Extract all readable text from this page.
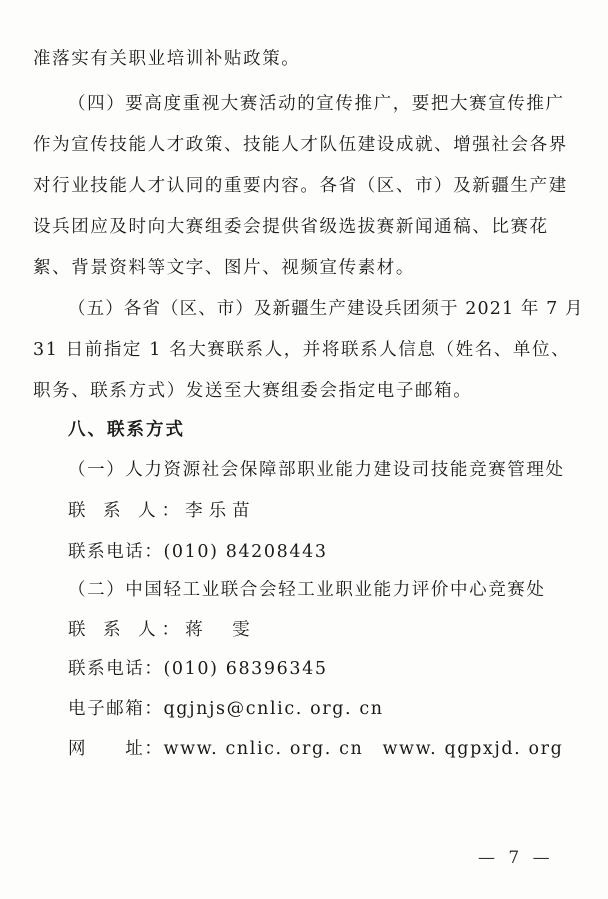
准落实有关职业培训补贴政策。
（四）要高度重视大赛活动的宣传推广，要把大赛宣传推广
作为宣传技能人才政策、技能人才队伍建设成就、增强社会各界
对行业技能人才认同的重要内容。各省（区、市）及新疆生产建
设兵团应及时向大赛组委会提供省级选拔赛新闻通稿、比赛花
絮、背景资料等文字、图片、视频宣传素材。
（五）各省（区、市）及新疆生产建设兵团须于 2021 年 7 月
31 日前指定 1 名大赛联系人，并将联系人信息（姓名、单位、
职务、联系方式）发送至大赛组委会指定电子邮箱。
八、联系方式
（一）人力资源社会保障部职业能力建设司技能竞赛管理处
联 系 人：李乐苗
联系电话：(010) 84208443
（二）中国轻工业联合会轻工业职业能力评价中心竞赛处
联 系 人：蒋　雯
联系电话：(010) 68396345
电子邮箱：qgjnjs@cnlic. org. cn
网　　址：www. cnlic. org. cn　www. qgpxjd. org
— 7 —
